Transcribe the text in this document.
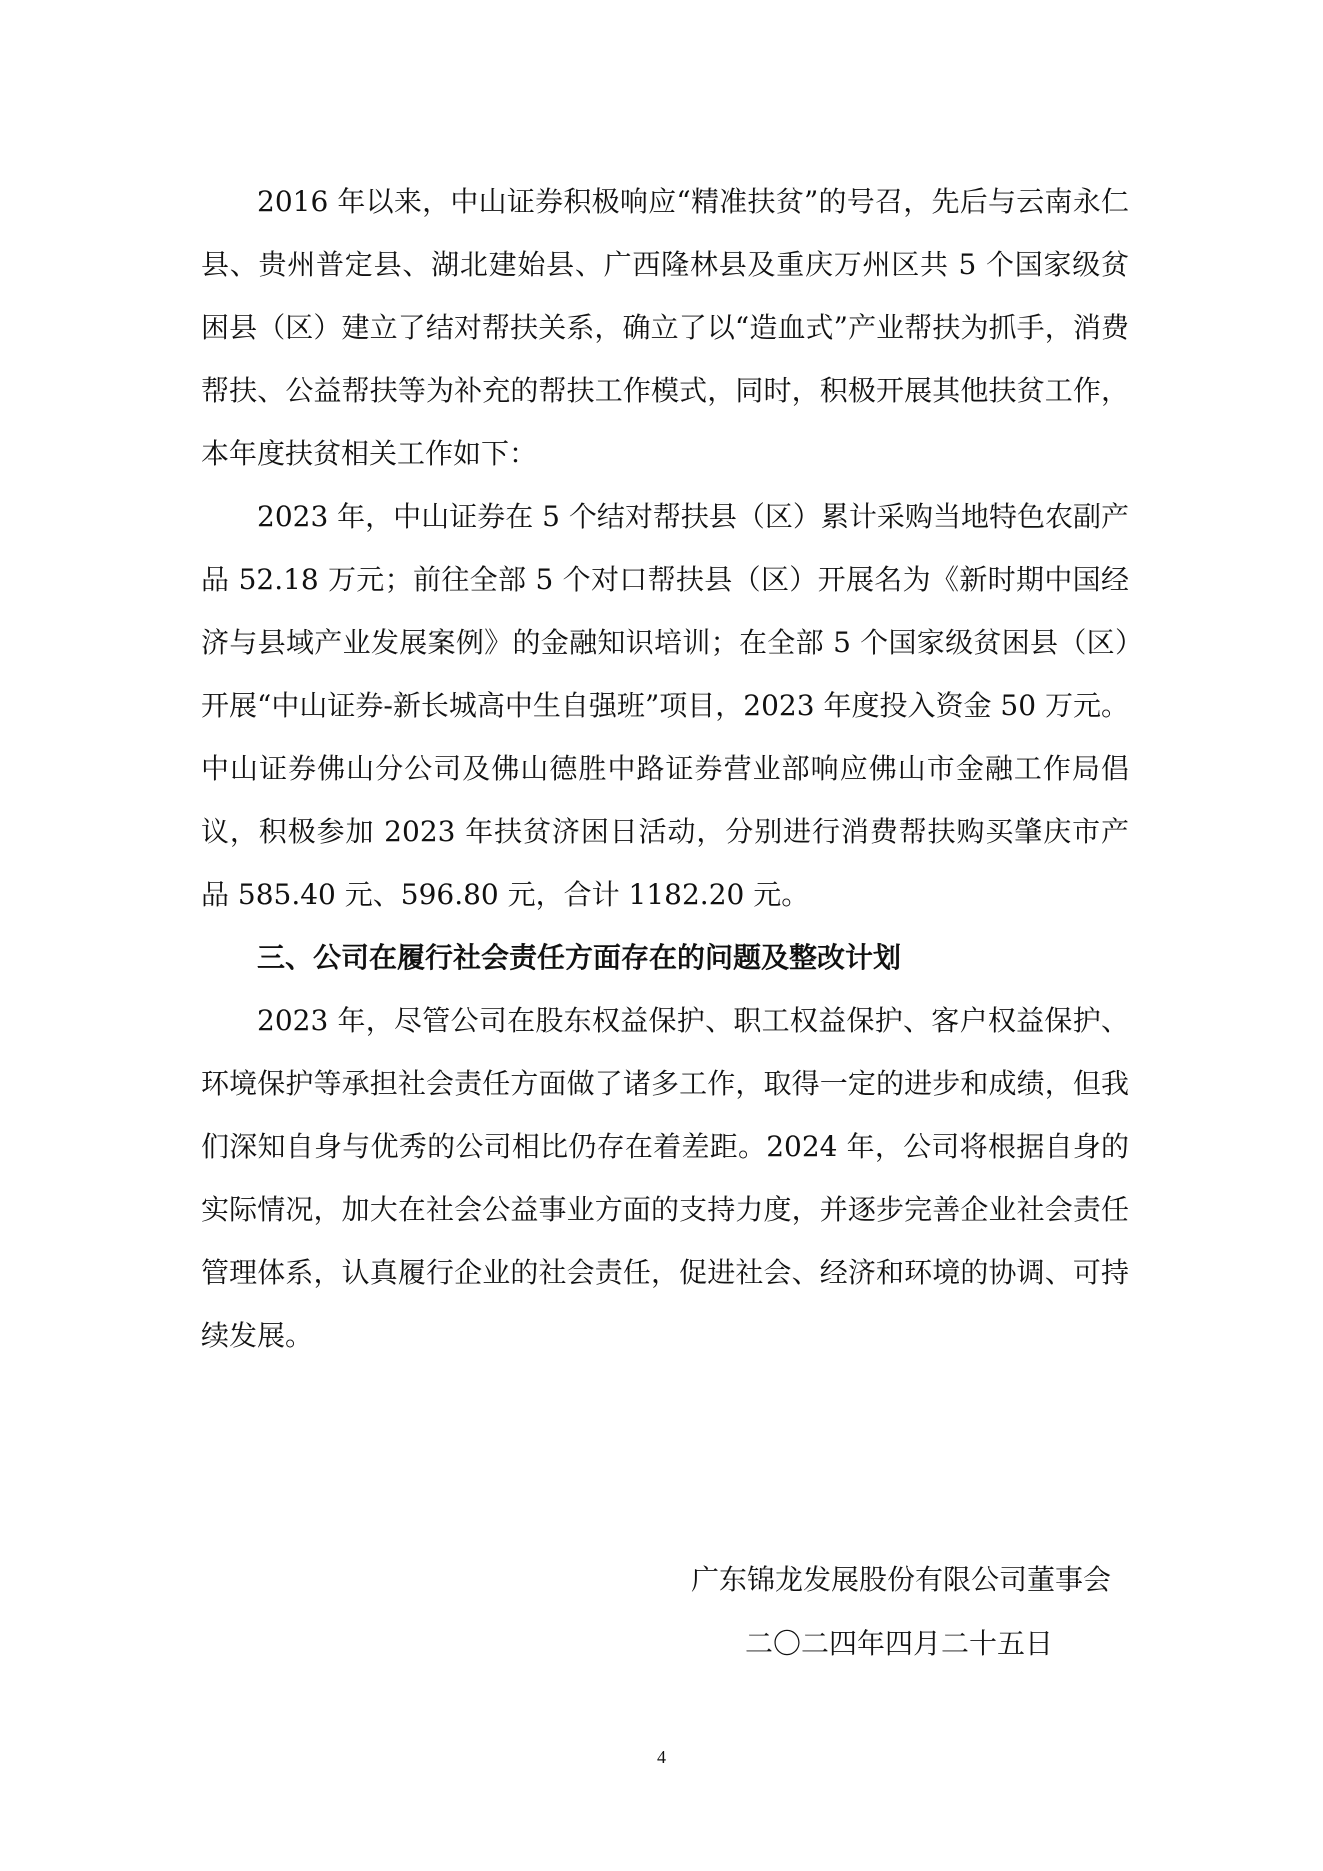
2016 年以来，中山证券积极响应“精准扶贫”的号召，先后与云南永仁县、贵州普定县、湖北建始县、广西隆林县及重庆万州区共 5 个国家级贫困县（区）建立了结对帮扶关系，确立了以“造血式”产业帮扶为抓手，消费帮扶、公益帮扶等为补充的帮扶工作模式，同时，积极开展其他扶贫工作，本年度扶贫相关工作如下：

2023 年，中山证券在 5 个结对帮扶县（区）累计采购当地特色农副产品 52.18 万元；前往全部 5 个对口帮扶县（区）开展名为《新时期中国经济与县域产业发展案例》的金融知识培训；在全部 5 个国家级贫困县（区）开展“中山证券-新长城高中生自强班”项目，2023 年度投入资金 50 万元。中山证券佛山分公司及佛山德胜中路证券营业部响应佛山市金融工作局倡议，积极参加 2023 年扶贫济困日活动，分别进行消费帮扶购买肇庆市产品 585.40 元、596.80 元，合计 1182.20 元。

三、公司在履行社会责任方面存在的问题及整改计划

2023 年，尽管公司在股东权益保护、职工权益保护、客户权益保护、环境保护等承担社会责任方面做了诸多工作，取得一定的进步和成绩，但我们深知自身与优秀的公司相比仍存在着差距。2024 年，公司将根据自身的实际情况，加大在社会公益事业方面的支持力度，并逐步完善企业社会责任管理体系，认真履行企业的社会责任，促进社会、经济和环境的协调、可持续发展。

广东锦龙发展股份有限公司董事会
二〇二四年四月二十五日
4
